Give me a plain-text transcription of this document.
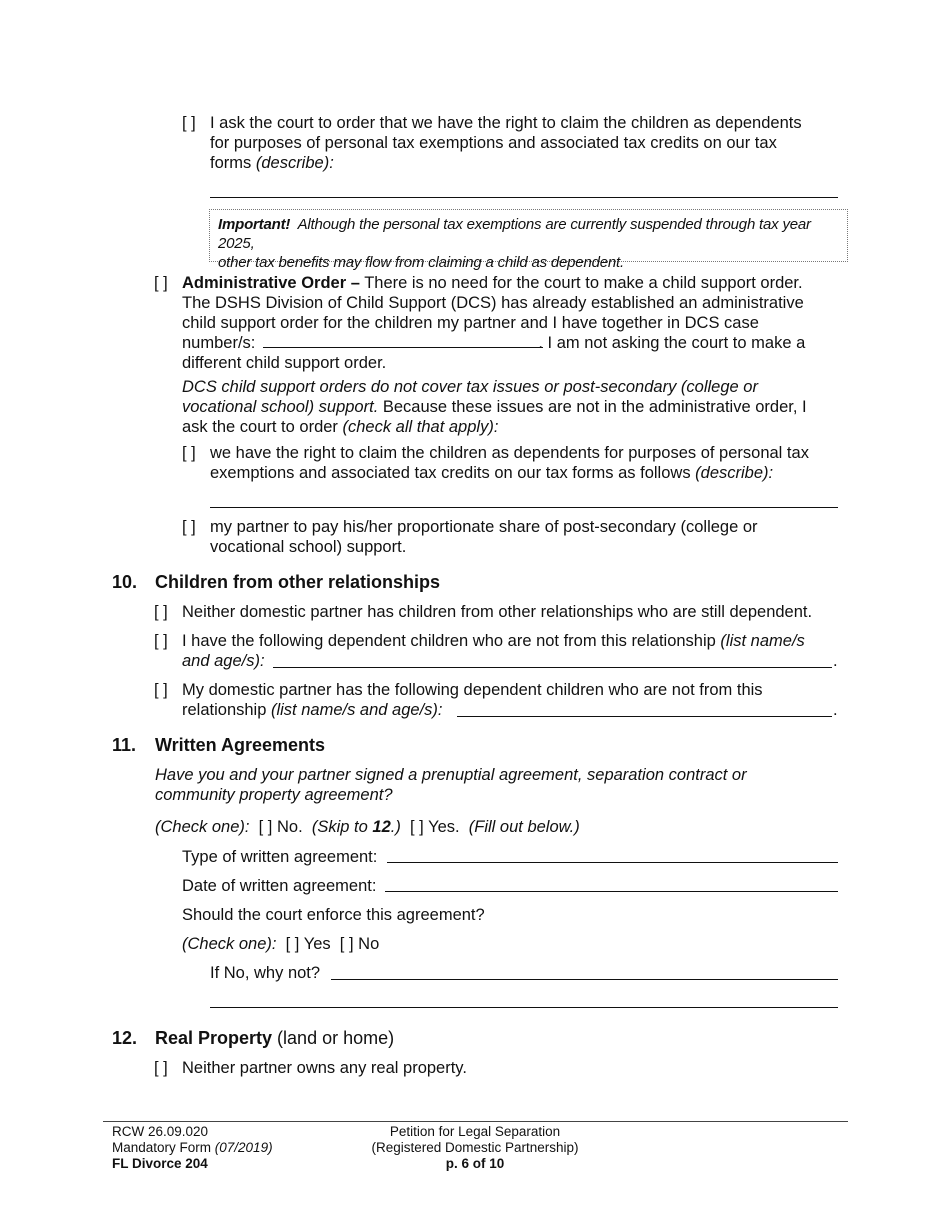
[ ] I ask the court to order that we have the right to claim the children as dependents
for purposes of personal tax exemptions and associated tax credits on our tax
forms (describe):
Important! Although the personal tax exemptions are currently suspended through tax year 2025,
other tax benefits may flow from claiming a child as dependent.
[ ] Administrative Order – There is no need for the court to make a child support order.
The DSHS Division of Child Support (DCS) has already established an administrative
child support order for the children my partner and I have together in DCS case
number/s:	. I am not asking the court to make a
different child support order.
DCS child support orders do not cover tax issues or post-secondary (college or
vocational school) support. Because these issues are not in the administrative order, I
ask the court to order (check all that apply):
[ ] we have the right to claim the children as dependents for purposes of personal tax
exemptions and associated tax credits on our tax forms as follows (describe):
[ ] my partner to pay his/her proportionate share of post-secondary (college or
vocational school) support.
10. Children from other relationships
[ ] Neither domestic partner has children from other relationships who are still dependent.
[ ] I have the following dependent children who are not from this relationship (list name/s
and age/s):	.
[ ] My domestic partner has the following dependent children who are not from this
relationship (list name/s and age/s):	.
11. Written Agreements
Have you and your partner signed a prenuptial agreement, separation contract or
community property agreement?
(Check one): [ ] No. (Skip to 12.) [ ] Yes. (Fill out below.)
Type of written agreement:
Date of written agreement:
Should the court enforce this agreement?
(Check one): [ ] Yes [ ] No
If No, why not?
12. Real Property (land or home)
[ ] Neither partner owns any real property.
RCW 26.09.020
Mandatory Form (07/2019)
FL Divorce 204
Petition for Legal Separation
(Registered Domestic Partnership)
p. 6 of 10
